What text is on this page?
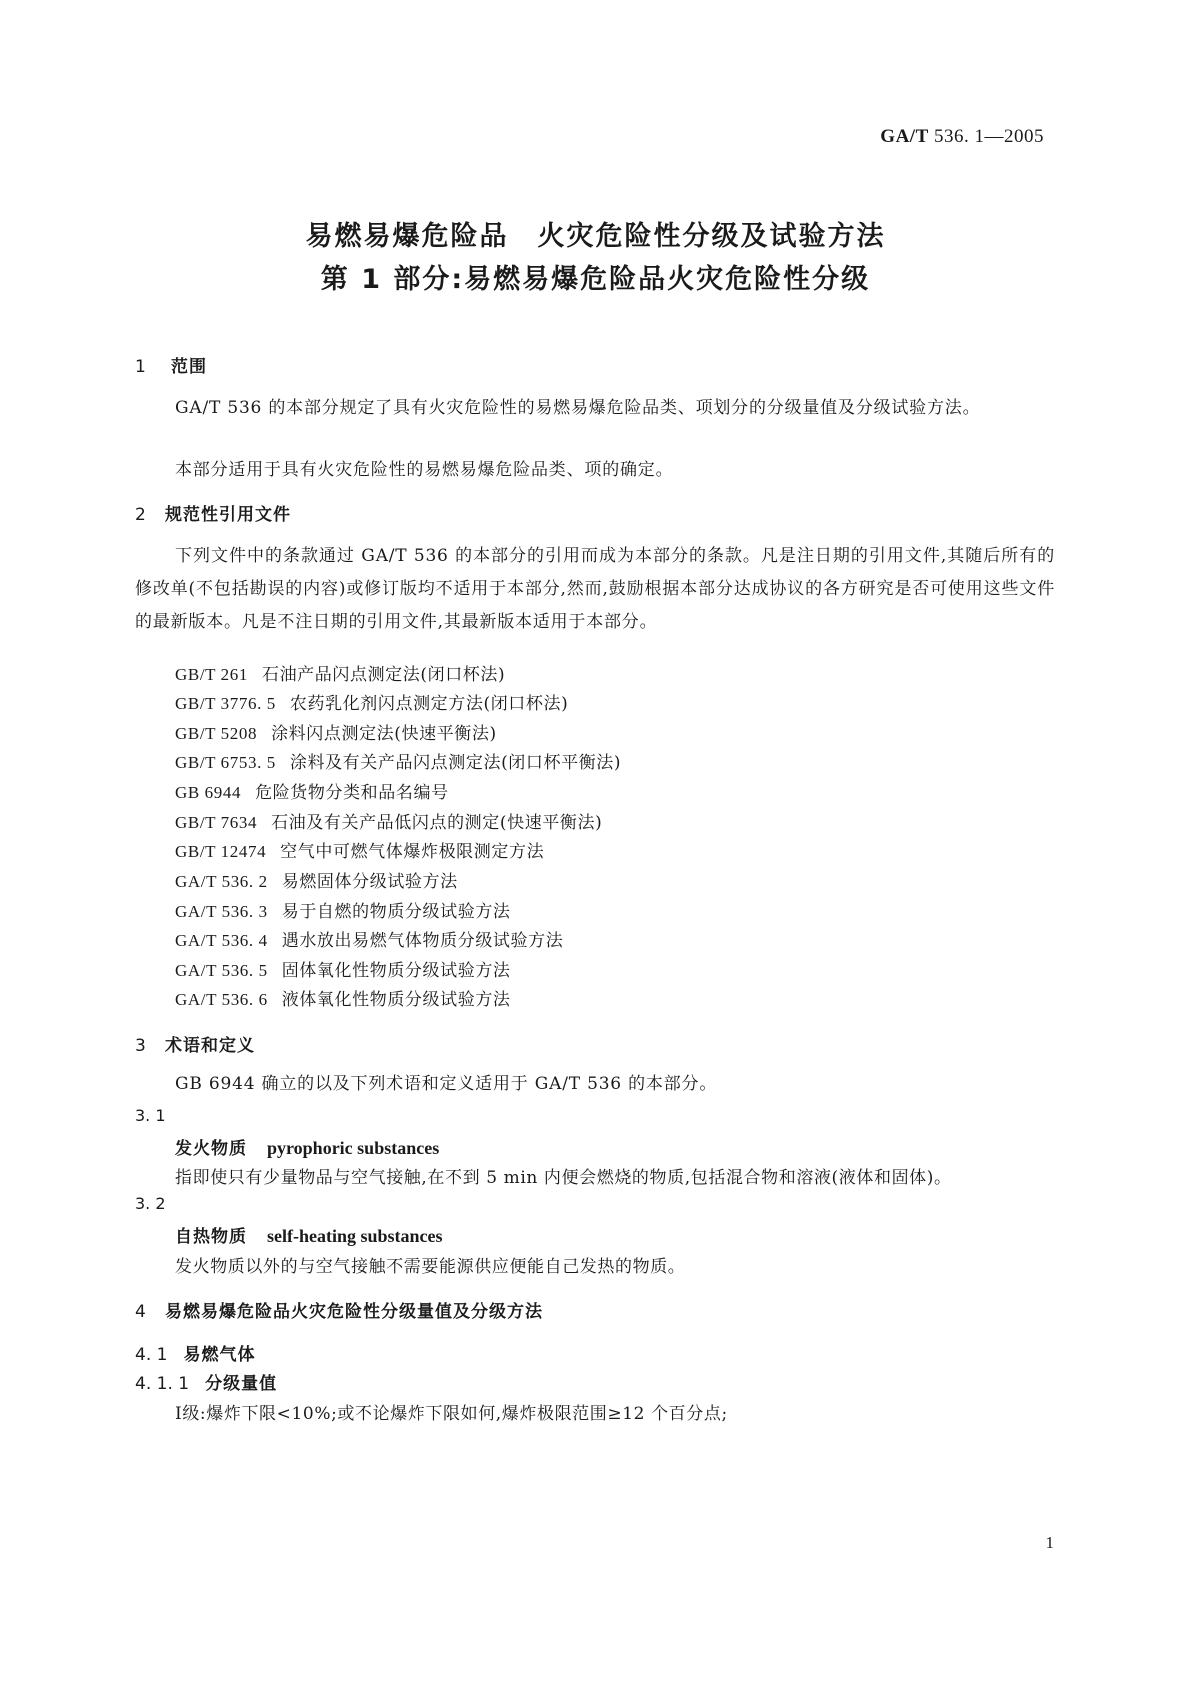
GA/T 536. 1—2005
易燃易爆危险品　火灾危险性分级及试验方法
第 1 部分:易燃易爆危险品火灾危险性分级
1 范围
GA/T 536 的本部分规定了具有火灾危险性的易燃易爆危险品类、项划分的分级量值及分级试验方法。
本部分适用于具有火灾危险性的易燃易爆危险品类、项的确定。
2 规范性引用文件
下列文件中的条款通过 GA/T 536 的本部分的引用而成为本部分的条款。凡是注日期的引用文件,其随后所有的修改单(不包括勘误的内容)或修订版均不适用于本部分,然而,鼓励根据本部分达成协议的各方研究是否可使用这些文件的最新版本。凡是不注日期的引用文件,其最新版本适用于本部分。
GB/T 261 石油产品闪点测定法(闭口杯法)
GB/T 3776. 5 农药乳化剂闪点测定方法(闭口杯法)
GB/T 5208 涂料闪点测定法(快速平衡法)
GB/T 6753. 5 涂料及有关产品闪点测定法(闭口杯平衡法)
GB 6944 危险货物分类和品名编号
GB/T 7634 石油及有关产品低闪点的测定(快速平衡法)
GB/T 12474 空气中可燃气体爆炸极限测定方法
GA/T 536. 2 易燃固体分级试验方法
GA/T 536. 3 易于自燃的物质分级试验方法
GA/T 536. 4 遇水放出易燃气体物质分级试验方法
GA/T 536. 5 固体氧化性物质分级试验方法
GA/T 536. 6 液体氧化性物质分级试验方法
3 术语和定义
GB 6944 确立的以及下列术语和定义适用于 GA/T 536 的本部分。
3. 1
发火物质 pyrophoric substances
指即使只有少量物品与空气接触,在不到 5 min 内便会燃烧的物质,包括混合物和溶液(液体和固体)。
3. 2
自热物质 self-heating substances
发火物质以外的与空气接触不需要能源供应便能自己发热的物质。
4 易燃易爆危险品火灾危险性分级量值及分级方法
4. 1 易燃气体
4. 1. 1 分级量值
Ⅰ级:爆炸下限<10%;或不论爆炸下限如何,爆炸极限范围≥12 个百分点;
1
